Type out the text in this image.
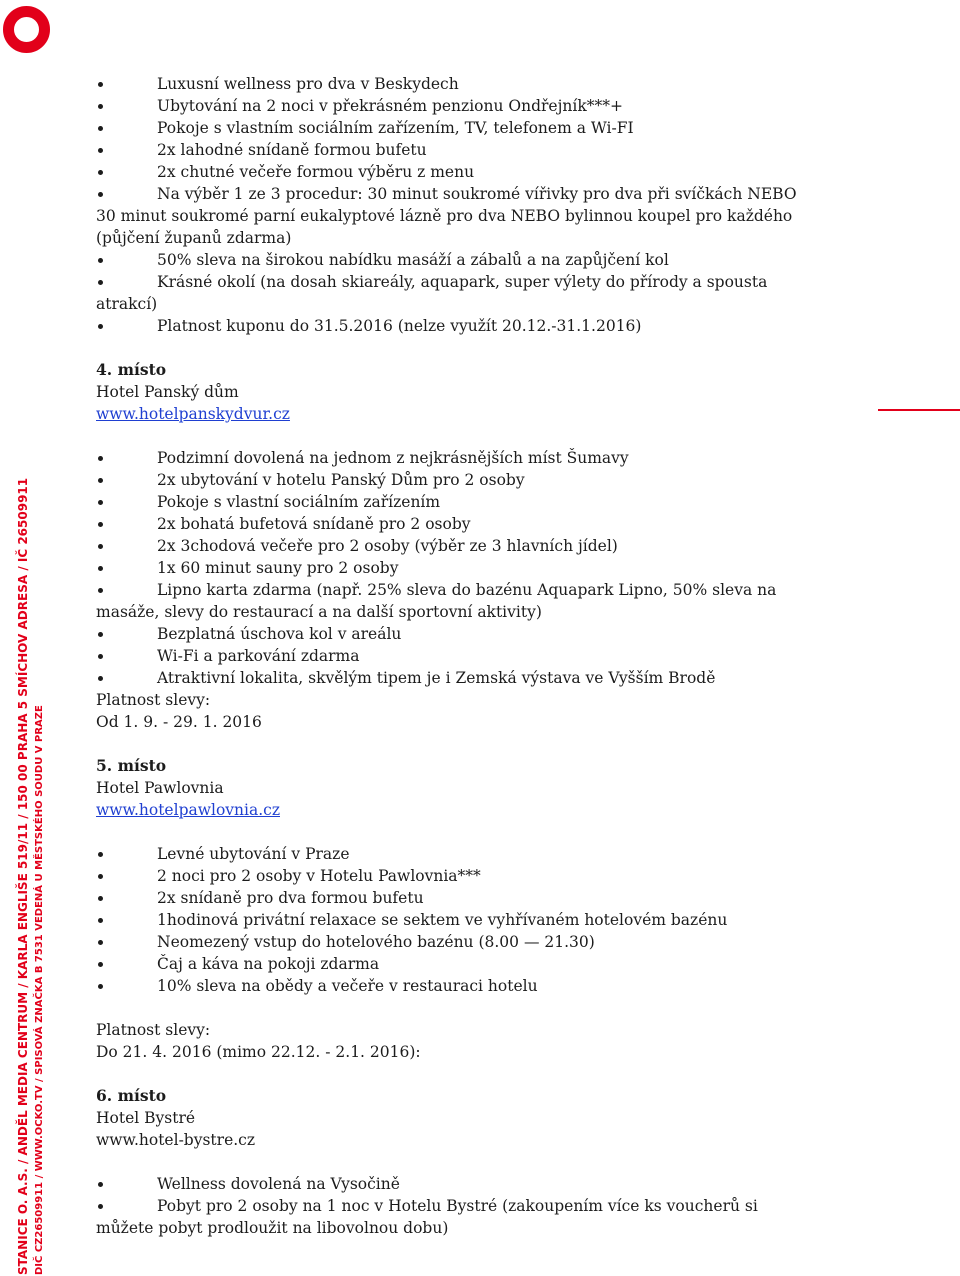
STANICE O. A.S. / ANDĚL MEDIA CENTRUM / KARLA ENGLIŠE 519/11 / 150 00 PRAHA 5 SMÍCHOV ADRESA / IČ 26509911 DIČ CZ26509911 / WWW.OCKO.TV / SPISOVÁ ZNAČKA B 7531 VEDENÁ U MĚSTSKÉHO SOUDU V PRAZE
Luxusní wellness pro dva v Beskydech
Ubytování na 2 noci v překrásném penzionu Ondřejník***+
Pokoje s vlastním sociálním zařízením, TV, telefonem a Wi-FI
2x lahodné snídaně formou bufetu
2x chutné večeře formou výběru z menu
Na výběr 1 ze 3 procedur: 30 minut soukromé vířivky pro dva při svíčkách NEBO 30 minut soukromé parní eukalyptové lázně pro dva NEBO bylinnou koupel pro každého (půjčení županů zdarma)
50% sleva na širokou nabídku masáží a zábalů a na zapůjčení kol
Krásné okolí (na dosah skiareály, aquapark, super výlety do přírody a spousta atrakcí)
Platnost kuponu do 31.5.2016 (nelze využít 20.12.-31.1.2016)

4. místo

Hotel Panský dům

www.hotelpanskydvur.cz

Podzimní dovolená na jednom z nejkrásnějších míst Šumavy
2x ubytování v hotelu Panský Dům pro 2 osoby
Pokoje s vlastní sociálním zařízením
2x bohatá bufetová snídaně pro 2 osoby
2x 3chodová večeře pro 2 osoby (výběr ze 3 hlavních jídel)
1x 60 minut sauny pro 2 osoby
Lipno karta zdarma (např. 25% sleva do bazénu Aquapark Lipno, 50% sleva na masáže, slevy do restaurací a na další sportovní aktivity)
Bezplatná úschova kol v areálu
Wi-Fi a parkování zdarma
Atraktivní lokalita, skvělým tipem je i Zemská výstava ve Vyšším Brodě

Platnost slevy:

Od 1. 9. - 29. 1. 2016

5. místo

Hotel Pawlovnia

www.hotelpawlovnia.cz

Levné ubytování v Praze
2 noci pro 2 osoby v Hotelu Pawlovnia***
2x snídaně pro dva formou bufetu
1hodinová privátní relaxace se sektem ve vyhřívaném hotelovém bazénu
Neomezený vstup do hotelového bazénu (8.00 — 21.30)
Čaj a káva na pokoji zdarma
10% sleva na obědy a večeře v restauraci hotelu

Platnost slevy:

Do 21. 4. 2016 (mimo 22.12. - 2.1. 2016):

6. místo

Hotel Bystré

www.hotel-bystre.cz

Wellness dovolená na Vysočině
Pobyt pro 2 osoby na 1 noc v Hotelu Bystré (zakoupením více ks voucherů si můžete pobyt prodloužit na libovolnou dobu)
